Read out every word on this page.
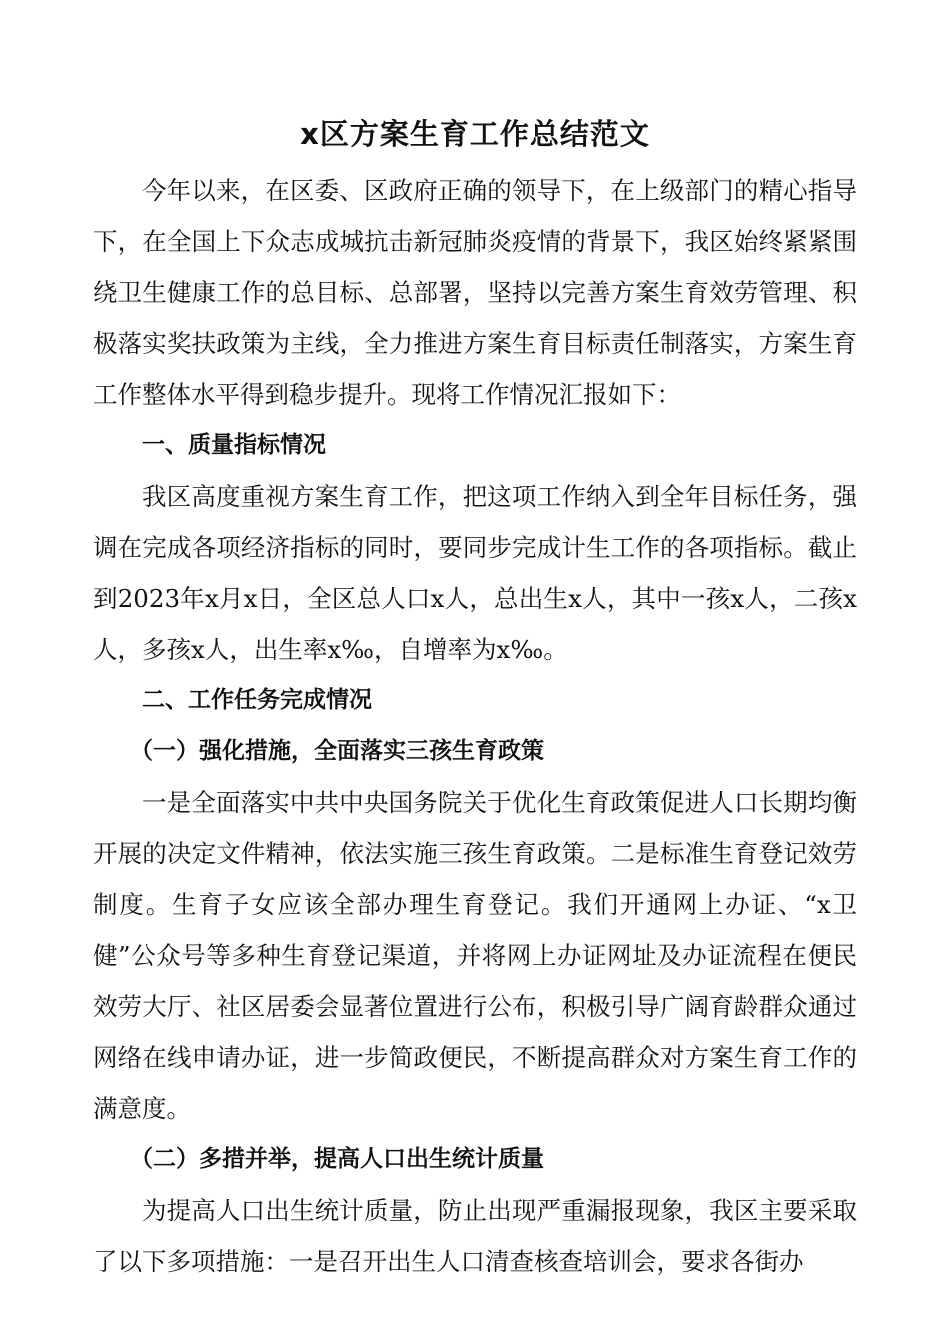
x区方案生育工作总结范文

今年以来，在区委、区政府正确的领导下，在上级部门的精心指导下，在全国上下众志成城抗击新冠肺炎疫情的背景下，我区始终紧紧围绕卫生健康工作的总目标、总部署，坚持以完善方案生育效劳管理、积极落实奖扶政策为主线，全力推进方案生育目标责任制落实，方案生育工作整体水平得到稳步提升。现将工作情况汇报如下：

一、质量指标情况

我区高度重视方案生育工作，把这项工作纳入到全年目标任务，强调在完成各项经济指标的同时，要同步完成计生工作的各项指标。截止到2023年x月x日，全区总人口x人，总出生x人，其中一孩x人，二孩x人，多孩x人，出生率x‰，自增率为x‰。

二、工作任务完成情况

（一）强化措施，全面落实三孩生育政策

一是全面落实中共中央国务院关于优化生育政策促进人口长期均衡开展的决定文件精神，依法实施三孩生育政策。二是标准生育登记效劳制度。生育子女应该全部办理生育登记。我们开通网上办证、“x卫健”公众号等多种生育登记渠道，并将网上办证网址及办证流程在便民效劳大厅、社区居委会显著位置进行公布，积极引导广阔育龄群众通过网络在线申请办证，进一步简政便民，不断提高群众对方案生育工作的满意度。

（二）多措并举，提高人口出生统计质量

为提高人口出生统计质量，防止出现严重漏报现象，我区主要采取了以下多项措施：一是召开出生人口清查核查培训会，要求各街办
